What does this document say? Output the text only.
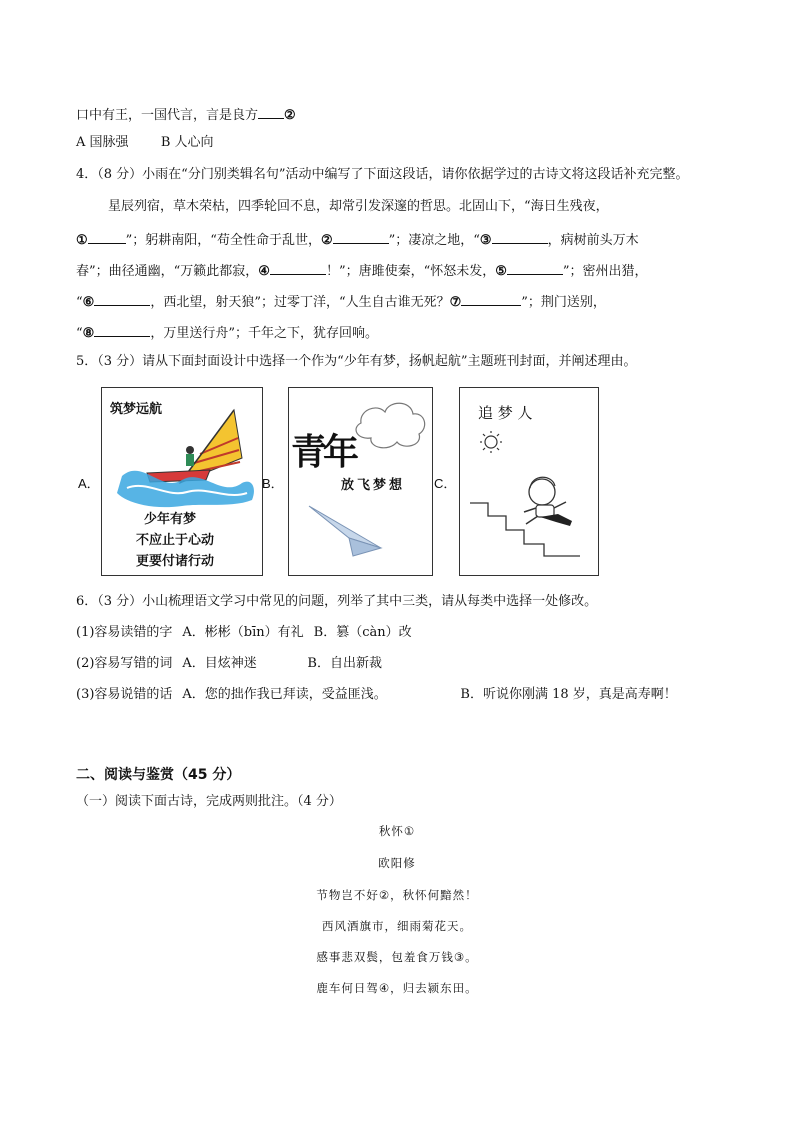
口中有王，一国代言，言是良方 ②
A 国脉强 B 人心向
4．（8 分）小雨在“分门别类辑名句”活动中编写了下面这段话，请你依据学过的古诗文将这段话补充完整。
星辰列宿，草木荣枯，四季轮回不息，却常引发深邃的哲思。北固山下，“海日生残夜，
①	”；躬耕南阳，“苟全性命于乱世，②	”；凄凉之地，“③	，病树前头万木
春”；曲径通幽，“万籁此都寂，④	！”；唐雎使秦，“怀怒未发，⑤	”；密州出猎，
“⑥	，西北望，射天狼”；过零丁洋，“人生自古谁无死？⑦	”；荆门送别，
“⑧	，万里送行舟”；千年之下，犹存回响。
5．（3 分）请从下面封面设计中选择一个作为“少年有梦，扬帆起航”主题班刊封面，并阐述理由。
A．
筑梦远航
少年有梦
不应止于心动
更要付诸行动
B．
青年
放飞梦想 C．
追 梦 人
6．（3 分）小山梳理语文学习中常见的问题，列举了其中三类，请从每类中选择一处修改。
(1)容易读错的字 A．彬彬（bīn）有礼 B．篡（càn）改
(2)容易写错的词 A．目炫神迷	B．自出新裁
(3)容易说错的话 A．您的拙作我已拜读，受益匪浅。	B．听说你刚满 18 岁，真是高寿啊！
二、阅读与鉴赏（45 分）
（一）阅读下面古诗，完成两则批注。（4 分）
秋怀①
欧阳修
节物岂不好②，秋怀何黯然！
西风酒旗市，细雨菊花天。
感事悲双鬓，包羞食万钱③。
鹿车何日驾④，归去颍东田。
